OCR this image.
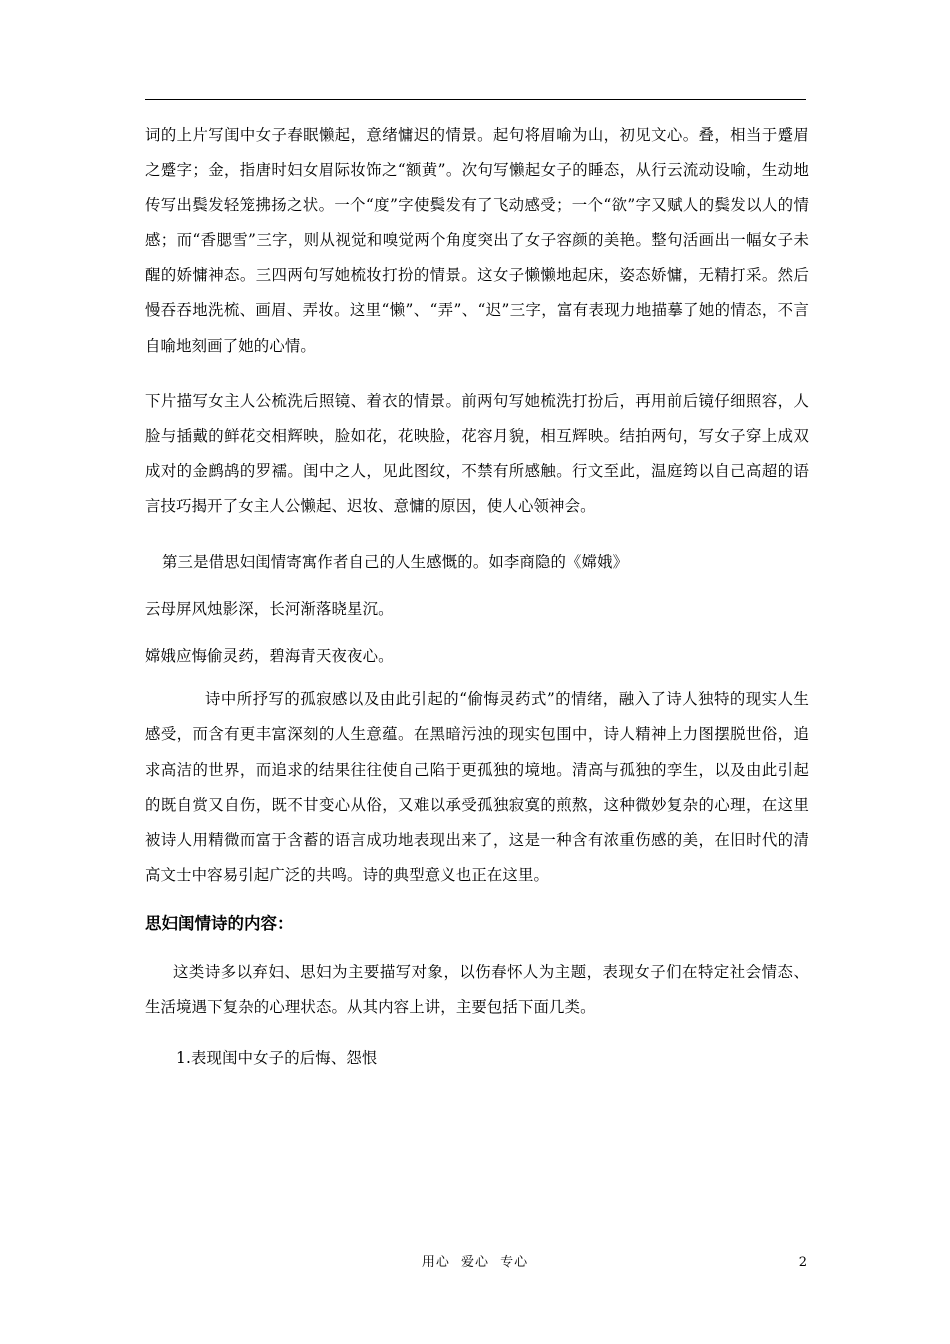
词的上片写闺中女子春眠懒起，意绪慵迟的情景。起句将眉喻为山，初见文心。叠，相当于蹙眉之蹙字；金，指唐时妇女眉际妆饰之“额黄”。次句写懒起女子的睡态，从行云流动设喻，生动地传写出鬓发轻笼拂扬之状。一个“度”字使鬓发有了飞动感受；一个“欲”字又赋人的鬓发以人的情感；而“香腮雪”三字，则从视觉和嗅觉两个角度突出了女子容颜的美艳。整句活画出一幅女子未醒的娇慵神态。三四两句写她梳妆打扮的情景。这女子懒懒地起床，姿态娇慵，无精打采。然后慢吞吞地洗梳、画眉、弄妆。这里“懒”、“弄”、“迟”三字，富有表现力地描摹了她的情态，不言自喻地刻画了她的心情。

下片描写女主人公梳洗后照镜、着衣的情景。前两句写她梳洗打扮后，再用前后镜仔细照容，人脸与插戴的鲜花交相辉映，脸如花，花映脸，花容月貌，相互辉映。结拍两句，写女子穿上成双成对的金鹧鸪的罗襦。闺中之人，见此图纹，不禁有所感触。行文至此，温庭筠以自己高超的语言技巧揭开了女主人公懒起、迟妆、意慵的原因，使人心领神会。

第三是借思妇闺情寄寓作者自己的人生感慨的。如李商隐的《嫦娥》

云母屏风烛影深，长河渐落晓星沉。

嫦娥应悔偷灵药，碧海青天夜夜心。

诗中所抒写的孤寂感以及由此引起的“偷悔灵药式”的情绪，融入了诗人独特的现实人生感受，而含有更丰富深刻的人生意蕴。在黑暗污浊的现实包围中，诗人精神上力图摆脱世俗，追求高洁的世界，而追求的结果往往使自己陷于更孤独的境地。清高与孤独的孪生，以及由此引起的既自赏又自伤，既不甘变心从俗，又难以承受孤独寂寞的煎熬，这种微妙复杂的心理，在这里被诗人用精微而富于含蓄的语言成功地表现出来了，这是一种含有浓重伤感的美，在旧时代的清高文士中容易引起广泛的共鸣。诗的典型意义也正在这里。

思妇闺情诗的内容：

这类诗多以弃妇、思妇为主要描写对象，以伤春怀人为主题，表现女子们在特定社会情态、生活境遇下复杂的心理状态。从其内容上讲，主要包括下面几类。

1.表现闺中女子的后悔、怨恨

用心 爱心 专心	2
